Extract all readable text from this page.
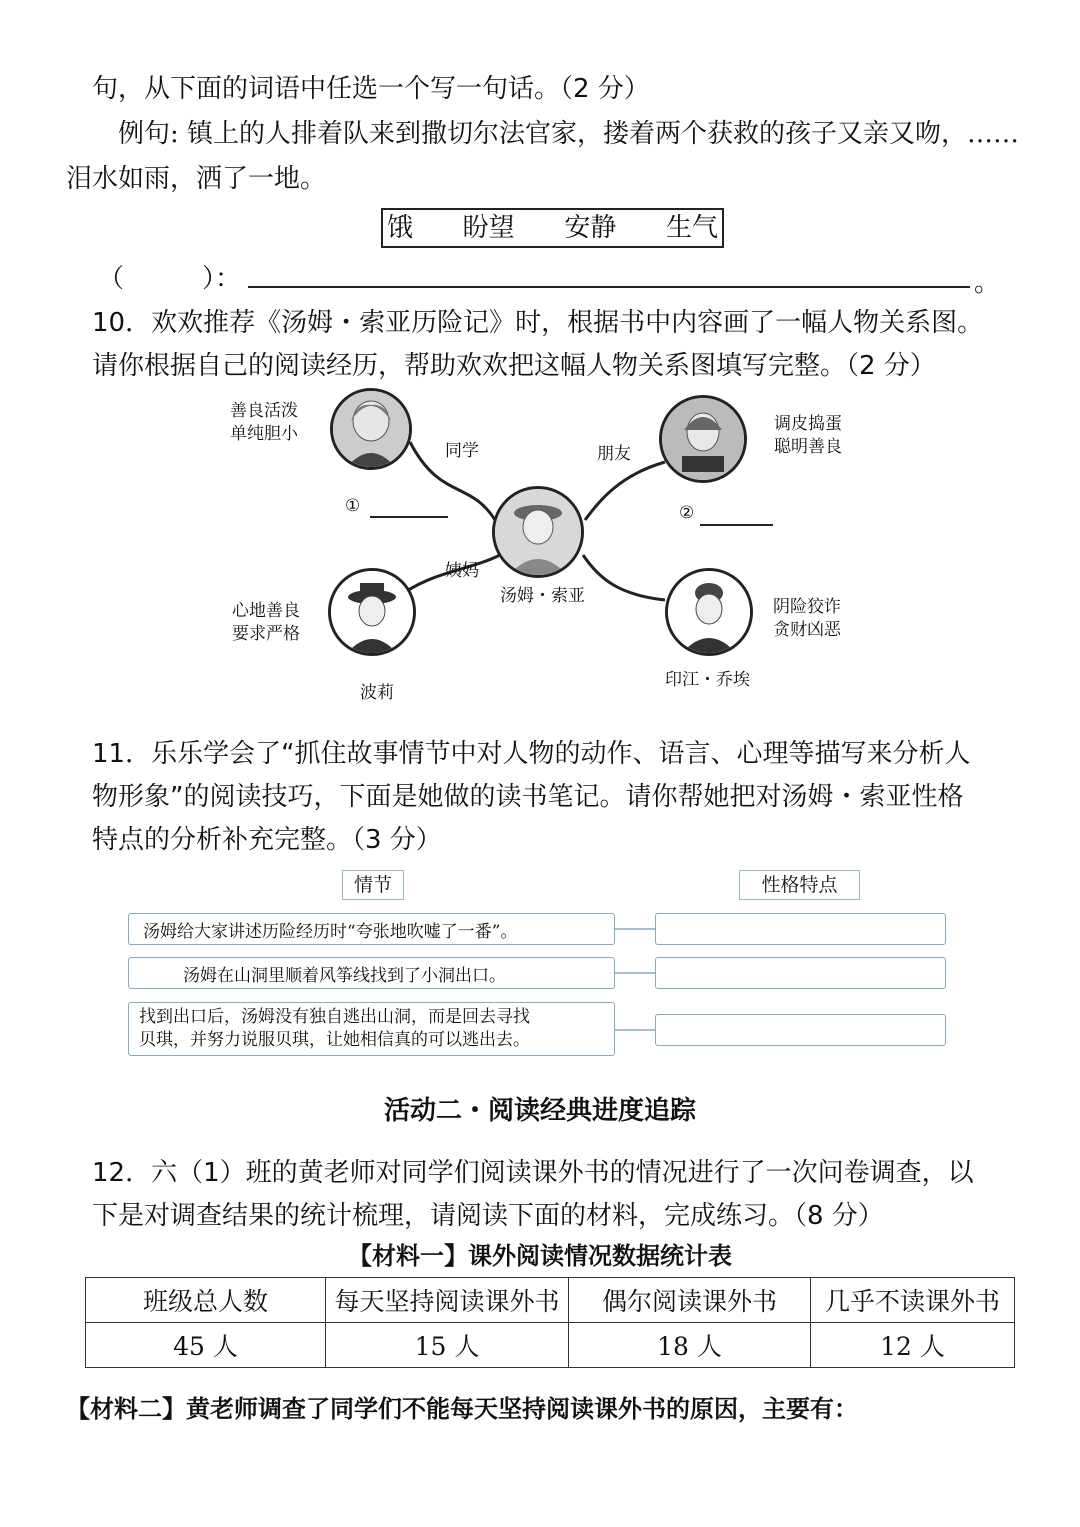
句，从下面的词语中任选一个写一句话。（2 分）
例句: 镇上的人排着队来到撒切尔法官家，搂着两个获救的孩子又亲又吻，……
泪水如雨，洒了一地。
饿 盼望 安静 生气
（　　　）：	。
10．欢欢推荐《汤姆・索亚历险记》时，根据书中内容画了一幅人物关系图。
请你根据自己的阅读经历，帮助欢欢把这幅人物关系图填写完整。（2 分）
善良活泼
单纯胆小
同学
①
调皮捣蛋
聪明善良
朋友
②
姨妈
汤姆・索亚
心地善良
要求严格
波莉
阴险狡诈
贪财凶恶
印江・乔埃
11．乐乐学会了“抓住故事情节中对人物的动作、语言、心理等描写来分析人
物形象”的阅读技巧，下面是她做的读书笔记。请你帮她把对汤姆・索亚性格
特点的分析补充完整。（3 分）
情节	性格特点
汤姆给大家讲述历险经历时“夸张地吹嘘了一番”。
汤姆在山洞里顺着风筝线找到了小洞出口。
找到出口后，汤姆没有独自逃出山洞，而是回去寻找
贝琪，并努力说服贝琪，让她相信真的可以逃出去。
活动二・阅读经典进度追踪
12．六（1）班的黄老师对同学们阅读课外书的情况进行了一次问卷调查，以
下是对调查结果的统计梳理，请阅读下面的材料，完成练习。（8 分）
【材料一】课外阅读情况数据统计表
班级总人数	每天坚持阅读课外书	偶尔阅读课外书	几乎不读课外书
45 人	15 人	18 人	12 人
【材料二】黄老师调查了同学们不能每天坚持阅读课外书的原因，主要有：
